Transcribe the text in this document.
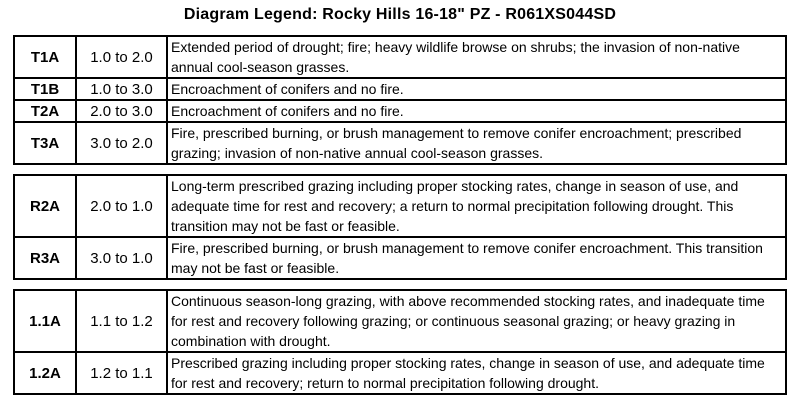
Diagram Legend: Rocky Hills 16-18" PZ - R061XS044SD
T1A	1.0 to 2.0	Extended period of drought; fire; heavy wildlife browse on shrubs; the invasion of non-native annual cool-season grasses.
T1B	1.0 to 3.0	Encroachment of conifers and no fire.
T2A	2.0 to 3.0	Encroachment of conifers and no fire.
T3A	3.0 to 2.0	Fire, prescribed burning, or brush management to remove conifer encroachment; prescribed grazing; invasion of non-native annual cool-season grasses.
R2A	2.0 to 1.0	Long-term prescribed grazing including proper stocking rates, change in season of use, and adequate time for rest and recovery; a return to normal precipitation following drought. This transition may not be fast or feasible.
R3A	3.0 to 1.0	Fire, prescribed burning, or brush management to remove conifer encroachment. This transition may not be fast or feasible.
1.1A	1.1 to 1.2	Continuous season-long grazing, with above recommended stocking rates, and inadequate time for rest and recovery following grazing; or continuous seasonal grazing; or heavy grazing in combination with drought.
1.2A	1.2 to 1.1	Prescribed grazing including proper stocking rates, change in season of use, and adequate time for rest and recovery; return to normal precipitation following drought.
